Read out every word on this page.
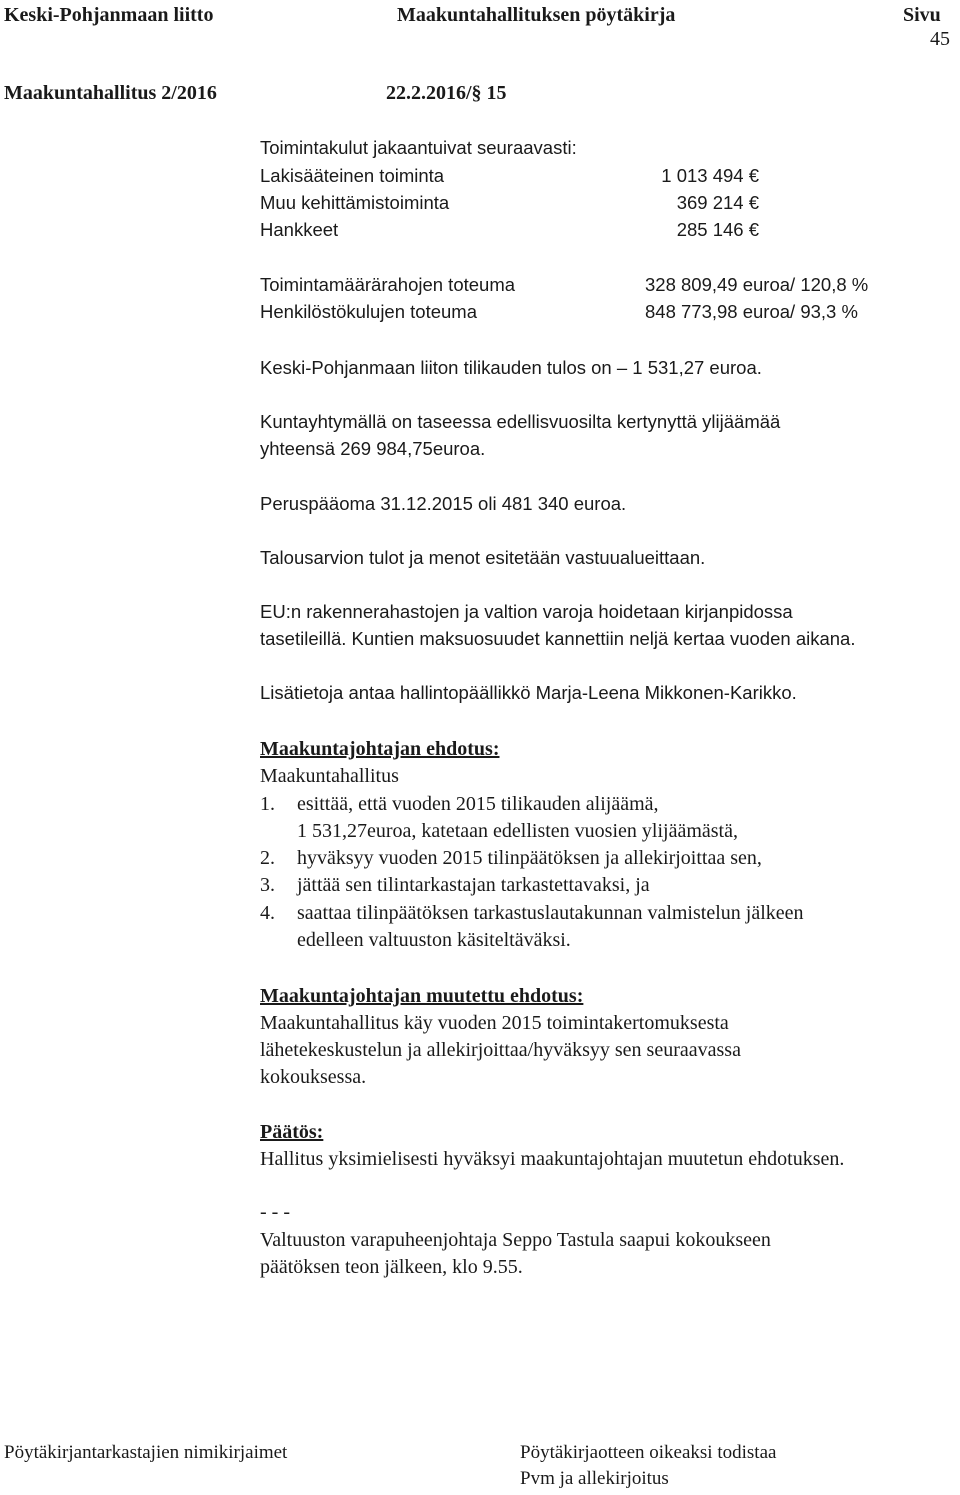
Keski-Pohjanmaan liitto	Maakuntahallituksen pöytäkirja	Sivu
45
Maakuntahallitus 2/2016	22.2.2016/§ 15
Toimintakulut jakaantuivat seuraavasti:
Lakisääteinen toiminta	1 013 494 €
Muu kehittämistoiminta	369 214 €
Hankkeet	285 146 €
Toimintamäärärahojen toteuma	328 809,49 euroa/ 120,8 %
Henkilöstökulujen toteuma	848 773,98 euroa/ 93,3 %
Keski-Pohjanmaan liiton tilikauden tulos on – 1 531,27 euroa.
Kuntayhtymällä on taseessa edellisvuosilta kertynyttä ylijäämää
yhteensä 269 984,75euroa.
Peruspääoma 31.12.2015 oli 481 340 euroa.
Talousarvion tulot ja menot esitetään vastuualueittaan.
EU:n rakennerahastojen ja valtion varoja hoidetaan kirjanpidossa
tasetileillä. Kuntien maksuosuudet kannettiin neljä kertaa vuoden aikana.
Lisätietoja antaa hallintopäällikkö Marja-Leena Mikkonen-Karikko.
Maakuntajohtajan ehdotus:
Maakuntahallitus
1. esittää, että vuoden 2015 tilikauden alijäämä,
1 531,27euroa, katetaan edellisten vuosien ylijäämästä,
2. hyväksyy vuoden 2015 tilinpäätöksen ja allekirjoittaa sen,
3. jättää sen tilintarkastajan tarkastettavaksi, ja
4. saattaa tilinpäätöksen tarkastuslautakunnan valmistelun jälkeen
edelleen valtuuston käsiteltäväksi.
Maakuntajohtajan muutettu ehdotus:
Maakuntahallitus käy vuoden 2015 toimintakertomuksesta
lähetekeskustelun ja allekirjoittaa/hyväksyy sen seuraavassa
kokouksessa.
Päätös:
Hallitus yksimielisesti hyväksyi maakuntajohtajan muutetun ehdotuksen.
- - -
Valtuuston varapuheenjohtaja Seppo Tastula saapui kokoukseen
päätöksen teon jälkeen, klo 9.55.
Pöytäkirjantarkastajien nimikirjaimet	Pöytäkirjaotteen oikeaksi todistaa
Pvm ja allekirjoitus
